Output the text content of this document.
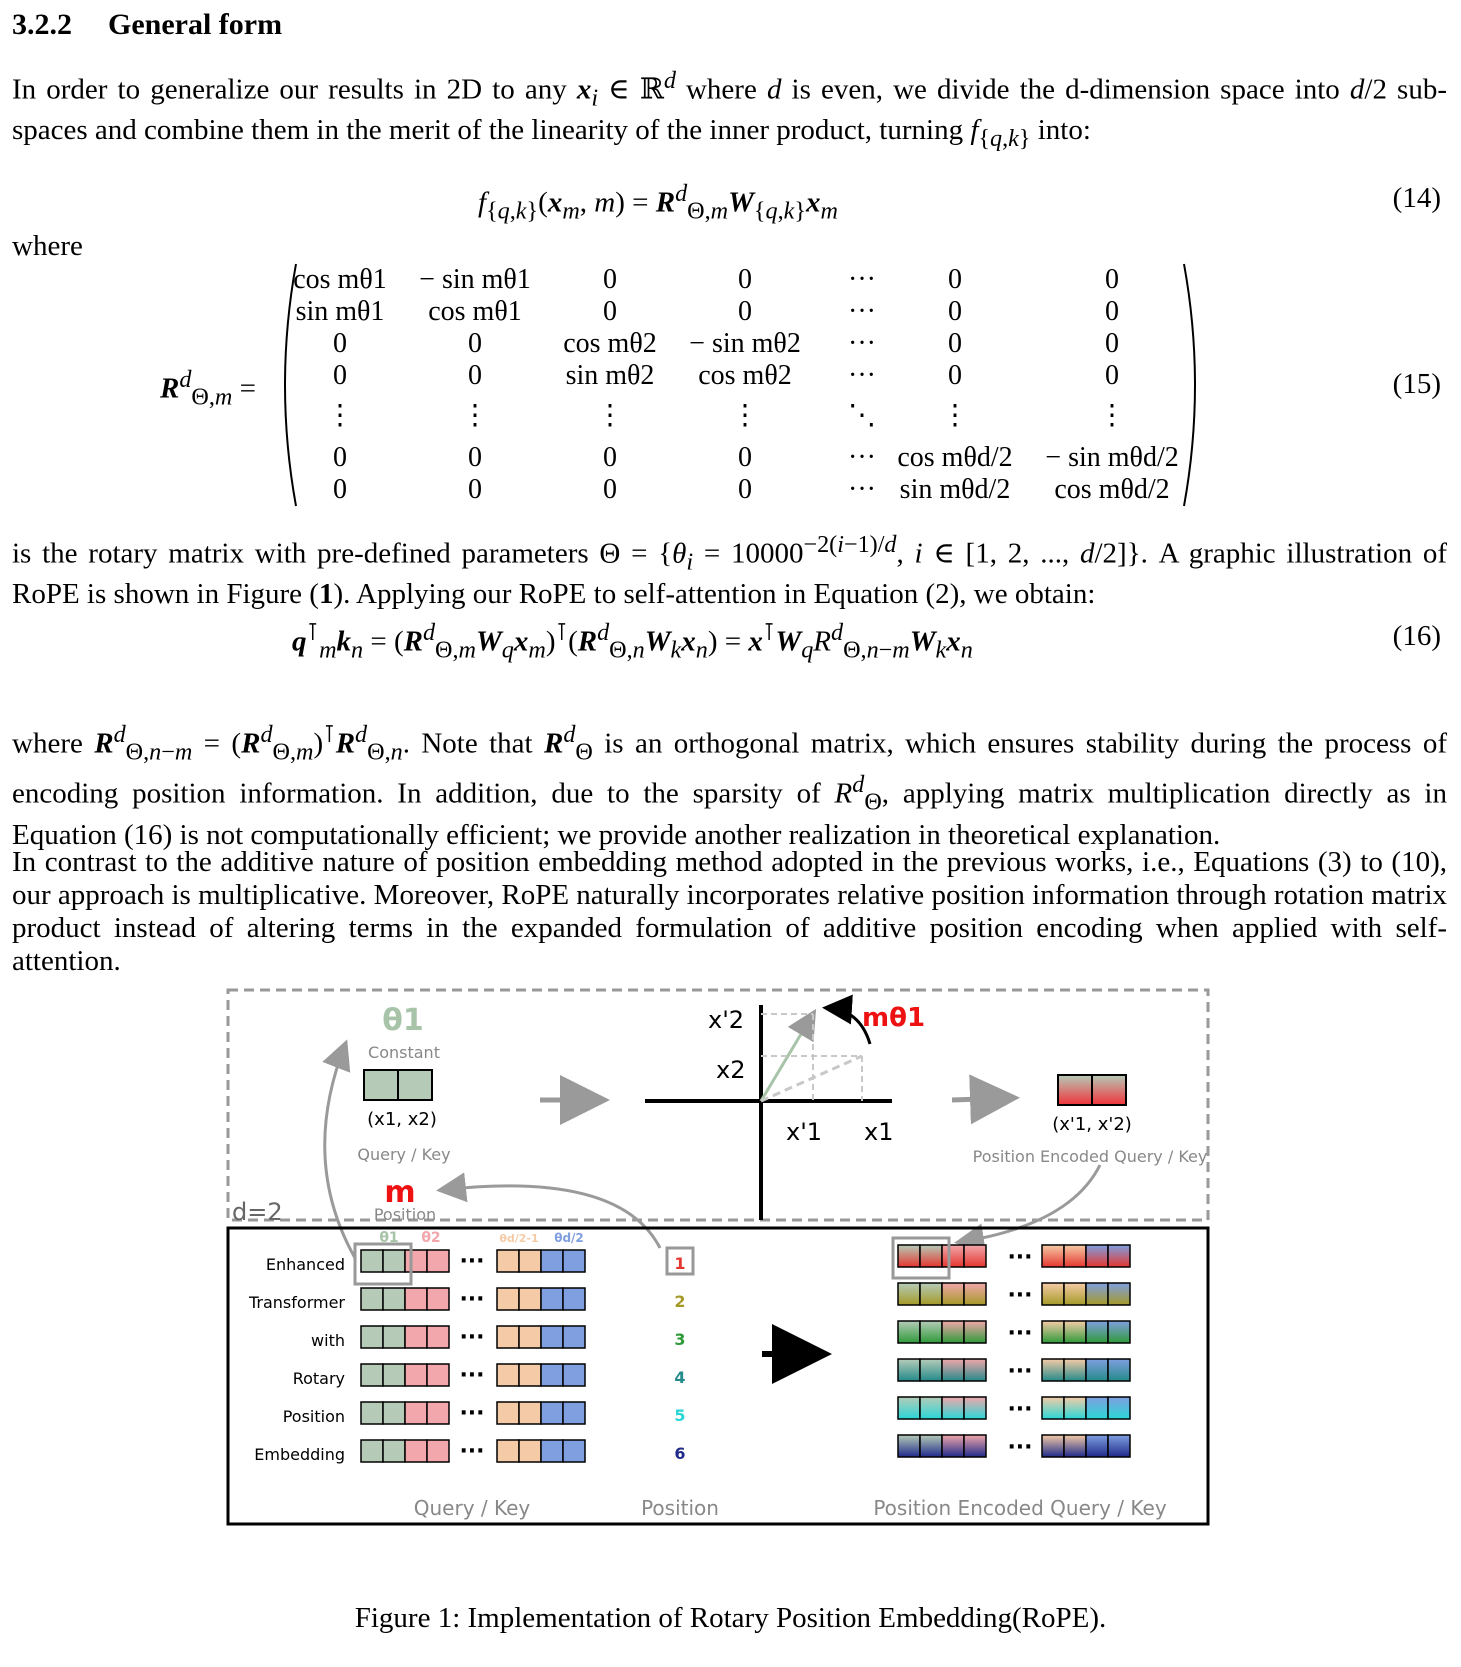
3.2.2 General form
In order to generalize our results in 2D to any $x_i$ ∈ ℝ$^d$ where d is even, we divide the d-dimension space into d/2 sub-spaces and combine them in the merit of the linearity of the inner product, turning $f_{\{q,k\}}$ into:
$f_{\{q,k\}}(x_m$, $m) = R^d_{\Theta,m}W_{\{q,k\}}x_m$	(14)
where
$R^d_{\Theta,m}$ =
cos mθ1	− sin mθ1	0	0	···	0	0
sin mθ1	cos mθ1	0	0	···	0	0
0	0	cos mθ2	− sin mθ2	···	0	0
0	0	sin mθ2	cos mθ2	···	0	0
⋮	⋮	⋮	⋮	⋱	⋮	⋮
0	0	0	0	··· cos mθd/2	− sin mθd/2
0	0	0	0	··· sin mθd/2	cos mθd/2
(15)
is the rotary matrix with pre-defined parameters $\Theta = \{\theta_i = 10000^{-2(i-1)/d}$, i ∈ [1, 2, ..., d/2]}. A graphic illustration of RoPE is shown in Figure (1). Applying our RoPE to self-attention in Equation (2), we obtain:
$q^⊺_mk_n = (R^d_{\Theta,m}W_qx_m)^⊺(R^d_{\Theta,n}W_kx_n) = x^⊺W_qR^d_{\Theta,n-m}W_kx_n$	(16)
where $R^d_{\Theta,n-m} = (R^d_{\Theta,m})^⊺R^d_{\Theta,n}$. Note that $R^d_\Theta$ is an orthogonal matrix, which ensures stability during the process of encoding position information. In addition, due to the sparsity of $R^d_\Theta$, applying matrix multiplication directly as in Equation (16) is not computationally efficient; we provide another realization in theoretical explanation.
In contrast to the additive nature of position embedding method adopted in the previous works, i.e., Equations (3) to (10), our approach is multiplicative. Moreover, RoPE naturally incorporates relative position information through rotation matrix product instead of altering terms in the expanded formulation of additive position encoding when applied with self-attention.
d=2
θ1
Constant
(x1, x2)
Query / Key
m
Position
x'2
x2
x'1 x1
mθ1
(x'1, x'2)
Position Encoded Query / Key
θ1 θ2	θd/2-1 θd/2
Enhanced	···	1	···
Transformer	···	2	···
with	···	3	···
Rotary	···	4	···
Position	···	5	···
Embedding	···	6	···
Query / Key	Position	Position Encoded Query / Key
Figure 1: Implementation of Rotary Position Embedding(RoPE).
